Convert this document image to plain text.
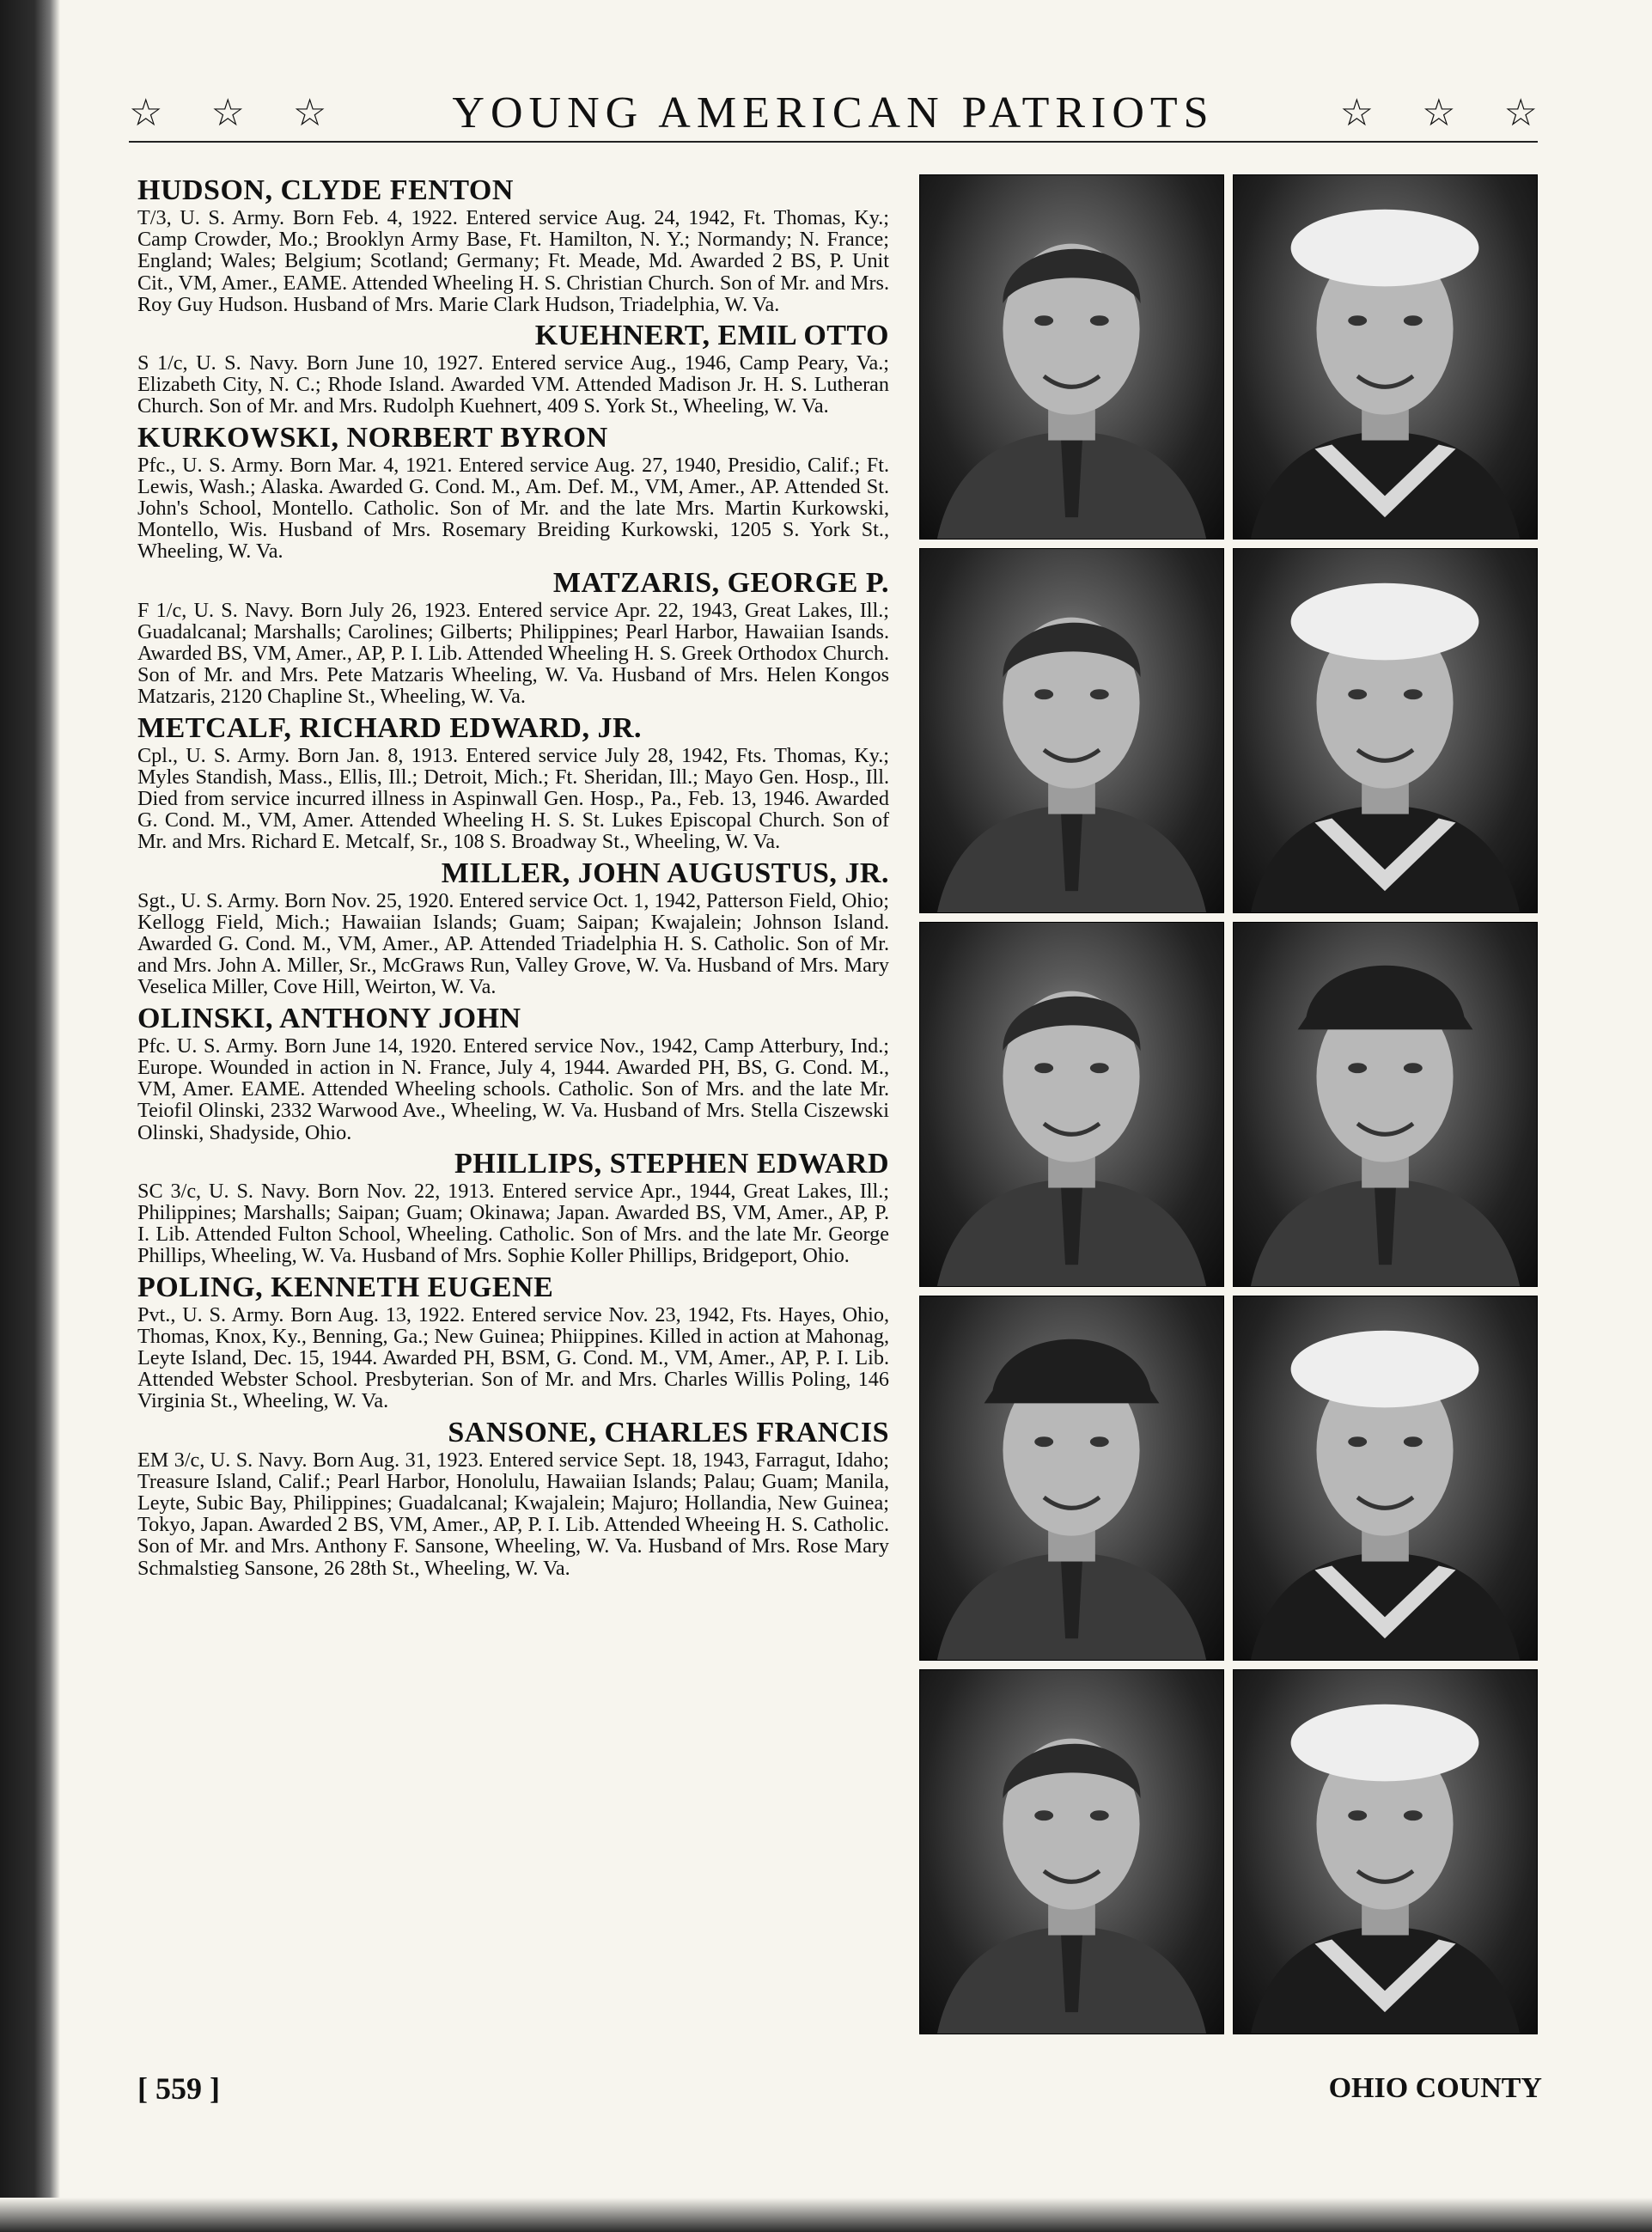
☆ ☆ ☆	YOUNG AMERICAN PATRIOTS	☆ ☆ ☆
HUDSON, CLYDE FENTON
T/3, U. S. Army. Born Feb. 4, 1922. Entered service Aug. 24, 1942, Ft. Thomas, Ky.; Camp Crowder, Mo.; Brooklyn Army Base, Ft. Hamilton, N. Y.; Normandy; N. France; England; Wales; Belgium; Scotland; Germany; Ft. Meade, Md. Awarded 2 BS, P. Unit Cit., VM, Amer., EAME. Attended Wheeling H. S. Christian Church. Son of Mr. and Mrs. Roy Guy Hudson. Husband of Mrs. Marie Clark Hudson, Triadelphia, W. Va.
KUEHNERT, EMIL OTTO
S 1/c, U. S. Navy. Born June 10, 1927. Entered service Aug., 1946, Camp Peary, Va.; Elizabeth City, N. C.; Rhode Island. Awarded VM. Attended Madison Jr. H. S. Lutheran Church. Son of Mr. and Mrs. Rudolph Kuehnert, 409 S. York St., Wheeling, W. Va.
KURKOWSKI, NORBERT BYRON
Pfc., U. S. Army. Born Mar. 4, 1921. Entered service Aug. 27, 1940, Presidio, Calif.; Ft. Lewis, Wash.; Alaska. Awarded G. Cond. M., Am. Def. M., VM, Amer., AP. Attended St. John's School, Montello. Catholic. Son of Mr. and the late Mrs. Martin Kurkowski, Montello, Wis. Husband of Mrs. Rosemary Breiding Kurkowski, 1205 S. York St., Wheeling, W. Va.
MATZARIS, GEORGE P.
F 1/c, U. S. Navy. Born July 26, 1923. Entered service Apr. 22, 1943, Great Lakes, Ill.; Guadalcanal; Marshalls; Carolines; Gilberts; Philippines; Pearl Harbor, Hawaiian Isands. Awarded BS, VM, Amer., AP, P. I. Lib. Attended Wheeling H. S. Greek Orthodox Church. Son of Mr. and Mrs. Pete Matzaris Wheeling, W. Va. Husband of Mrs. Helen Kongos Matzaris, 2120 Chapline St., Wheeling, W. Va.
METCALF, RICHARD EDWARD, JR.
Cpl., U. S. Army. Born Jan. 8, 1913. Entered service July 28, 1942, Fts. Thomas, Ky.; Myles Standish, Mass., Ellis, Ill.; Detroit, Mich.; Ft. Sheridan, Ill.; Mayo Gen. Hosp., Ill. Died from service incurred illness in Aspinwall Gen. Hosp., Pa., Feb. 13, 1946. Awarded G. Cond. M., VM, Amer. Attended Wheeling H. S. St. Lukes Episcopal Church. Son of Mr. and Mrs. Richard E. Metcalf, Sr., 108 S. Broadway St., Wheeling, W. Va.
MILLER, JOHN AUGUSTUS, JR.
Sgt., U. S. Army. Born Nov. 25, 1920. Entered service Oct. 1, 1942, Patterson Field, Ohio; Kellogg Field, Mich.; Hawaiian Islands; Guam; Saipan; Kwajalein; Johnson Island. Awarded G. Cond. M., VM, Amer., AP. Attended Triadelphia H. S. Catholic. Son of Mr. and Mrs. John A. Miller, Sr., McGraws Run, Valley Grove, W. Va. Husband of Mrs. Mary Veselica Miller, Cove Hill, Weirton, W. Va.
OLINSKI, ANTHONY JOHN
Pfc. U. S. Army. Born June 14, 1920. Entered service Nov., 1942, Camp Atterbury, Ind.; Europe. Wounded in action in N. France, July 4, 1944. Awarded PH, BS, G. Cond. M., VM, Amer. EAME. Attended Wheeling schools. Catholic. Son of Mrs. and the late Mr. Teiofil Olinski, 2332 Warwood Ave., Wheeling, W. Va. Husband of Mrs. Stella Ciszewski Olinski, Shadyside, Ohio.
PHILLIPS, STEPHEN EDWARD
SC 3/c, U. S. Navy. Born Nov. 22, 1913. Entered service Apr., 1944, Great Lakes, Ill.; Philippines; Marshalls; Saipan; Guam; Okinawa; Japan. Awarded BS, VM, Amer., AP, P. I. Lib. Attended Fulton School, Wheeling. Catholic. Son of Mrs. and the late Mr. George Phillips, Wheeling, W. Va. Husband of Mrs. Sophie Koller Phillips, Bridgeport, Ohio.
POLING, KENNETH EUGENE
Pvt., U. S. Army. Born Aug. 13, 1922. Entered service Nov. 23, 1942, Fts. Hayes, Ohio, Thomas, Knox, Ky., Benning, Ga.; New Guinea; Phiippines. Killed in action at Mahonag, Leyte Island, Dec. 15, 1944. Awarded PH, BSM, G. Cond. M., VM, Amer., AP, P. I. Lib. Attended Webster School. Presbyterian. Son of Mr. and Mrs. Charles Willis Poling, 146 Virginia St., Wheeling, W. Va.
SANSONE, CHARLES FRANCIS
EM 3/c, U. S. Navy. Born Aug. 31, 1923. Entered service Sept. 18, 1943, Farragut, Idaho; Treasure Island, Calif.; Pearl Harbor, Honolulu, Hawaiian Islands; Palau; Guam; Manila, Leyte, Subic Bay, Philippines; Guadalcanal; Kwajalein; Majuro; Hollandia, New Guinea; Tokyo, Japan. Awarded 2 BS, VM, Amer., AP, P. I. Lib. Attended Wheeing H. S. Catholic. Son of Mr. and Mrs. Anthony F. Sansone, Wheeling, W. Va. Husband of Mrs. Rose Mary Schmalstieg Sansone, 26 28th St., Wheeling, W. Va.
[ 559 ]	OHIO COUNTY
